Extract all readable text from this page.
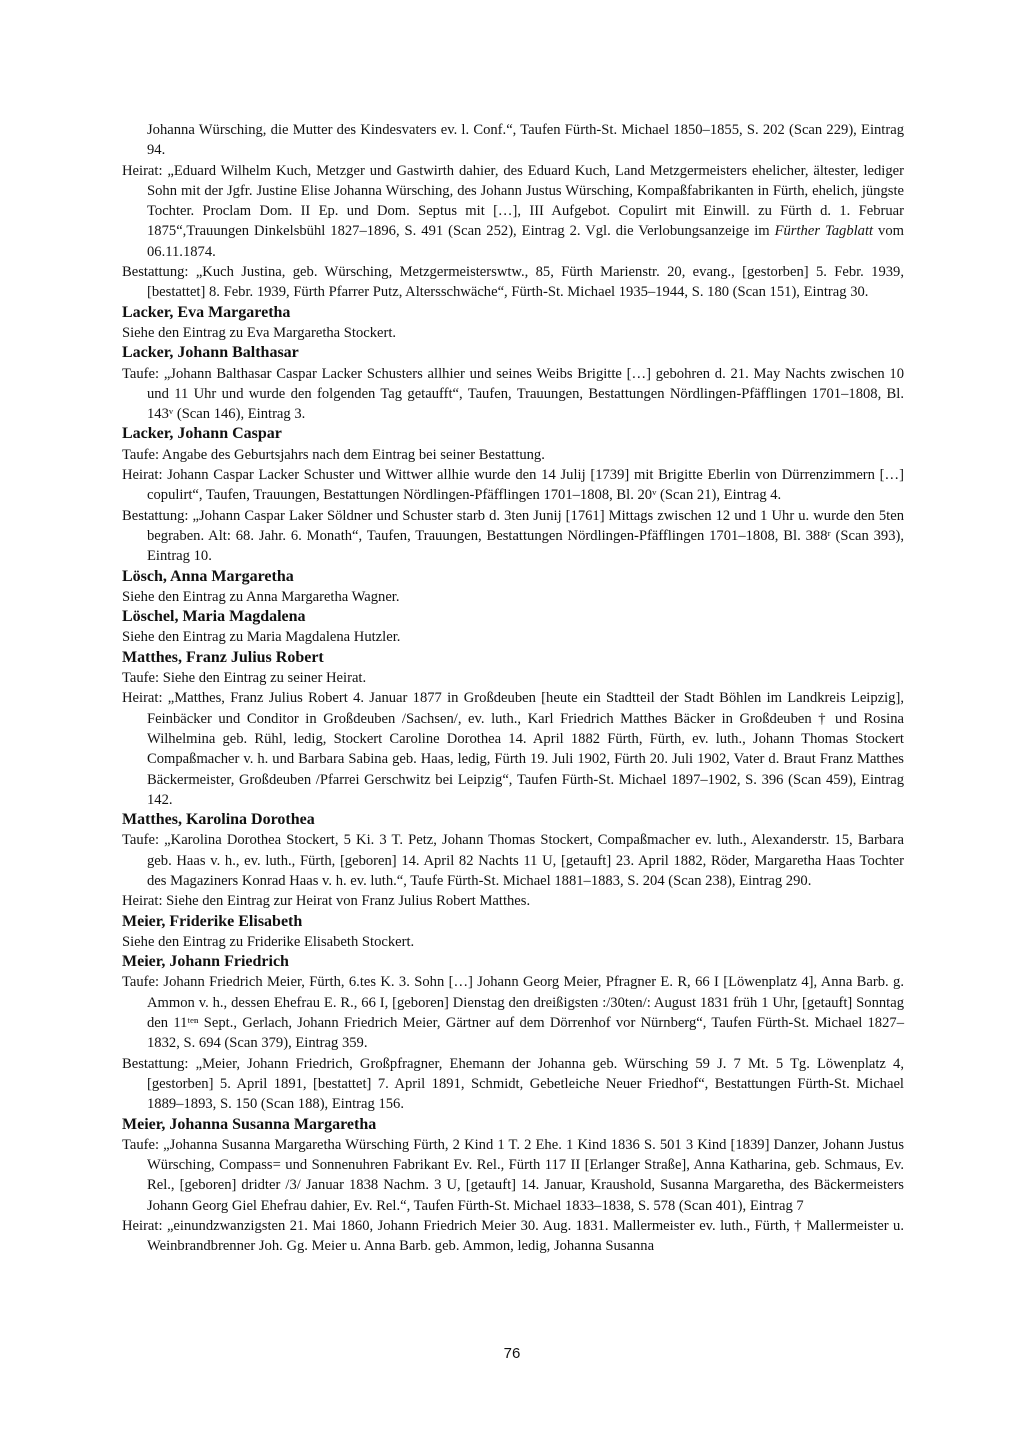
Johanna Würsching, die Mutter des Kindesvaters ev. l. Conf.“, Taufen Fürth-St. Michael 1850–1855, S. 202 (Scan 229), Eintrag 94.

Heirat: „Eduard Wilhelm Kuch, Metzger und Gastwirth dahier, des Eduard Kuch, Land Metzgermeisters ehelicher, ältester, lediger Sohn mit der Jgfr. Justine Elise Johanna Würsching, des Johann Justus Würsching, Kompaßfabrikanten in Fürth, ehelich, jüngste Tochter. Proclam Dom. II Ep. und Dom. Septus mit […], III Aufgebot. Copulirt mit Einwill. zu Fürth d. 1. Februar 1875“,Trauungen Dinkelsbühl 1827–1896, S. 491 (Scan 252), Eintrag 2. Vgl. die Verlobungsanzeige im Fürther Tagblatt vom 06.11.1874.

Bestattung: „Kuch Justina, geb. Würsching, Metzgermeisterswtw., 85, Fürth Marienstr. 20, evang., [gestorben] 5. Febr. 1939, [bestattet] 8. Febr. 1939, Fürth Pfarrer Putz, Altersschwäche“, Fürth-St. Michael 1935–1944, S. 180 (Scan 151), Eintrag 30.

Lacker, Eva Margaretha

Siehe den Eintrag zu Eva Margaretha Stockert.

Lacker, Johann Balthasar

Taufe: „Johann Balthasar Caspar Lacker Schusters allhier und seines Weibs Brigitte […] gebohren d. 21. May Nachts zwischen 10 und 11 Uhr und wurde den folgenden Tag getaufft“, Taufen, Trauungen, Bestattungen Nördlingen-Pfäfflingen 1701–1808, Bl. 143ᵛ (Scan 146), Eintrag 3.

Lacker, Johann Caspar

Taufe: Angabe des Geburtsjahrs nach dem Eintrag bei seiner Bestattung.

Heirat: Johann Caspar Lacker Schuster und Wittwer allhie wurde den 14 Julij [1739] mit Brigitte Eberlin von Dürrenzimmern […] copulirt“, Taufen, Trauungen, Bestattungen Nördlingen-Pfäfflingen 1701–1808, Bl. 20ᵛ (Scan 21), Eintrag 4.

Bestattung: „Johann Caspar Laker Söldner und Schuster starb d. 3ten Junij [1761] Mittags zwischen 12 und 1 Uhr u. wurde den 5ten begraben. Alt: 68. Jahr. 6. Monath“, Taufen, Trauungen, Bestattungen Nördlingen-Pfäfflingen 1701–1808, Bl. 388ʳ (Scan 393), Eintrag 10.

Lösch, Anna Margaretha

Siehe den Eintrag zu Anna Margaretha Wagner.

Löschel, Maria Magdalena

Siehe den Eintrag zu Maria Magdalena Hutzler.

Matthes, Franz Julius Robert

Taufe: Siehe den Eintrag zu seiner Heirat.

Heirat: „Matthes, Franz Julius Robert 4. Januar 1877 in Großdeuben [heute ein Stadtteil der Stadt Böhlen im Landkreis Leipzig], Feinbäcker und Conditor in Großdeuben /Sachsen/, ev. luth., Karl Friedrich Matthes Bäcker in Großdeuben † und Rosina Wilhelmina geb. Rühl, ledig, Stockert Caroline Dorothea 14. April 1882 Fürth, Fürth, ev. luth., Johann Thomas Stockert Compaßmacher v. h. und Barbara Sabina geb. Haas, ledig, Fürth 19. Juli 1902, Fürth 20. Juli 1902, Vater d. Braut Franz Matthes Bäckermeister, Großdeuben /Pfarrei Gerschwitz bei Leipzig“, Taufen Fürth-St. Michael 1897–1902, S. 396 (Scan 459), Eintrag 142.

Matthes, Karolina Dorothea

Taufe: „Karolina Dorothea Stockert, 5 Ki. 3 T. Petz, Johann Thomas Stockert, Compaßmacher ev. luth., Alexanderstr. 15, Barbara geb. Haas v. h., ev. luth., Fürth, [geboren] 14. April 82 Nachts 11 U, [getauft] 23. April 1882, Röder, Margaretha Haas Tochter des Magaziners Konrad Haas v. h. ev. luth.“, Taufe Fürth-St. Michael 1881–1883, S. 204 (Scan 238), Eintrag 290.

Heirat: Siehe den Eintrag zur Heirat von Franz Julius Robert Matthes.

Meier, Friderike Elisabeth

Siehe den Eintrag zu Friderike Elisabeth Stockert.

Meier, Johann Friedrich

Taufe: Johann Friedrich Meier, Fürth, 6.tes K. 3. Sohn […] Johann Georg Meier, Pfragner E. R, 66 I [Löwenplatz 4], Anna Barb. g. Ammon v. h., dessen Ehefrau E. R., 66 I, [geboren] Dienstag den dreißigsten :/30ten/: August 1831 früh 1 Uhr, [getauft] Sonntag den 11ᵗᵉⁿ Sept., Gerlach, Johann Friedrich Meier, Gärtner auf dem Dörrenhof vor Nürnberg“, Taufen Fürth-St. Michael 1827–1832, S. 694 (Scan 379), Eintrag 359.

Bestattung: „Meier, Johann Friedrich, Großpfragner, Ehemann der Johanna geb. Würsching 59 J. 7 Mt. 5 Tg. Löwenplatz 4, [gestorben] 5. April 1891, [bestattet] 7. April 1891, Schmidt, Gebetleiche Neuer Friedhof“, Bestattungen Fürth-St. Michael 1889–1893, S. 150 (Scan 188), Eintrag 156.

Meier, Johanna Susanna Margaretha

Taufe: „Johanna Susanna Margaretha Würsching Fürth, 2 Kind 1 T. 2 Ehe. 1 Kind 1836 S. 501 3 Kind [1839] Danzer, Johann Justus Würsching, Compass= und Sonnenuhren Fabrikant Ev. Rel., Fürth 117 II [Erlanger Straße], Anna Katharina, geb. Schmaus, Ev. Rel., [geboren] dridter /3/ Januar 1838 Nachm. 3 U, [getauft] 14. Januar, Kraushold, Susanna Margaretha, des Bäckermeisters Johann Georg Giel Ehefrau dahier, Ev. Rel.“, Taufen Fürth-St. Michael 1833–1838, S. 578 (Scan 401), Eintrag 7

Heirat: „einundzwanzigsten 21. Mai 1860, Johann Friedrich Meier 30. Aug. 1831. Mallermeister ev. luth., Fürth, † Mallermeister u. Weinbrandbrenner Joh. Gg. Meier u. Anna Barb. geb. Ammon, ledig, Johanna Susanna

76
